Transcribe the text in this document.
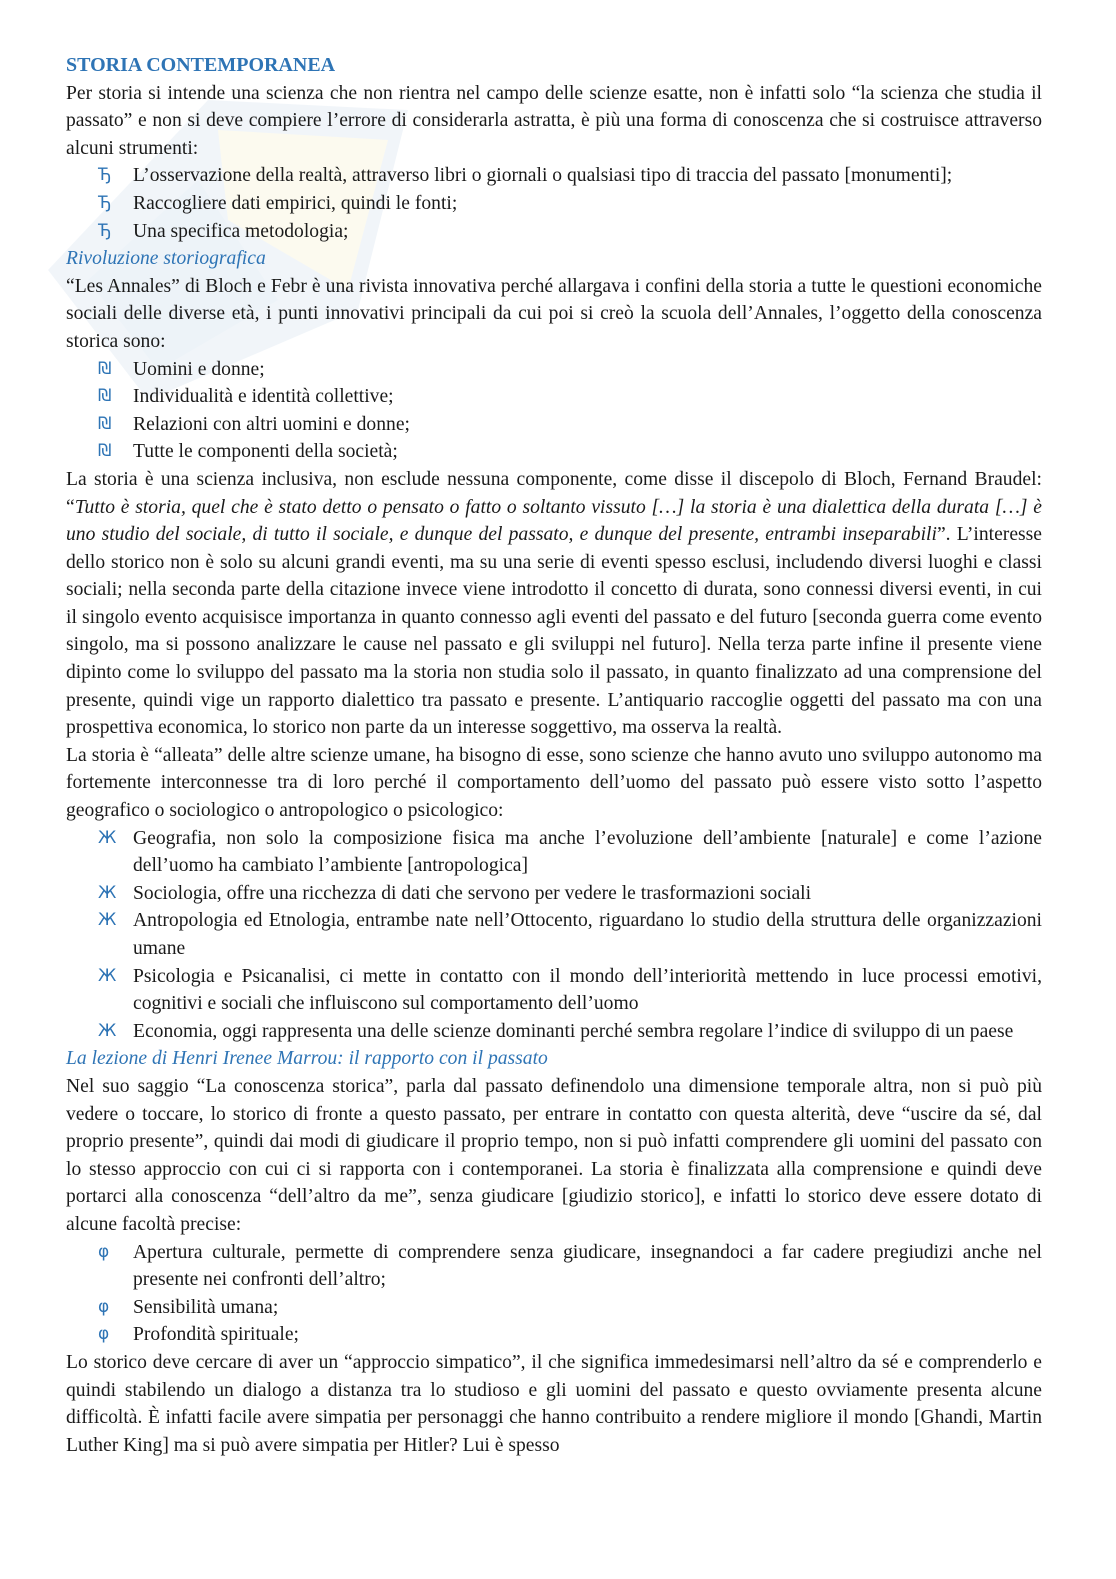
STORIA CONTEMPORANEA

Per storia si intende una scienza che non rientra nel campo delle scienze esatte, non è infatti solo “la scienza che studia il passato” e non si deve compiere l’errore di considerarla astratta, è più una forma di conoscenza che si costruisce attraverso alcuni strumenti:

Ђ L’osservazione della realtà, attraverso libri o giornali o qualsiasi tipo di traccia del passato [monumenti];
Ђ Raccogliere dati empirici, quindi le fonti;
Ђ Una specifica metodologia;
Rivoluzione storiografica

“Les Annales” di Bloch e Febr è una rivista innovativa perché allargava i confini della storia a tutte le questioni economiche sociali delle diverse età, i punti innovativi principali da cui poi si creò la scuola dell’Annales, l’oggetto della conoscenza storica sono:

₪ Uomini e donne;
₪ Individualità e identità collettive;
₪ Relazioni con altri uomini e donne;
₪ Tutte le componenti della società;

La storia è una scienza inclusiva, non esclude nessuna componente, come disse il discepolo di Bloch, Fernand Braudel: “Tutto è storia, quel che è stato detto o pensato o fatto o soltanto vissuto […] la storia è una dialettica della durata […] è uno studio del sociale, di tutto il sociale, e dunque del passato, e dunque del presente, entrambi inseparabili”. L’interesse dello storico non è solo su alcuni grandi eventi, ma su una serie di eventi spesso esclusi, includendo diversi luoghi e classi sociali; nella seconda parte della citazione invece viene introdotto il concetto di durata, sono connessi diversi eventi, in cui il singolo evento acquisisce importanza in quanto connesso agli eventi del passato e del futuro [seconda guerra come evento singolo, ma si possono analizzare le cause nel passato e gli sviluppi nel futuro]. Nella terza parte infine il presente viene dipinto come lo sviluppo del passato ma la storia non studia solo il passato, in quanto finalizzato ad una comprensione del presente, quindi vige un rapporto dialettico tra passato e presente. L’antiquario raccoglie oggetti del passato ma con una prospettiva economica, lo storico non parte da un interesse soggettivo, ma osserva la realtà.

La storia è “alleata” delle altre scienze umane, ha bisogno di esse, sono scienze che hanno avuto uno sviluppo autonomo ma fortemente interconnesse tra di loro perché il comportamento dell’uomo del passato può essere visto sotto l’aspetto geografico o sociologico o antropologico o psicologico:

Ж Geografia, non solo la composizione fisica ma anche l’evoluzione dell’ambiente [naturale] e come l’azione dell’uomo ha cambiato l’ambiente [antropologica]
Ж Sociologia, offre una ricchezza di dati che servono per vedere le trasformazioni sociali
Ж Antropologia ed Etnologia, entrambe nate nell’Ottocento, riguardano lo studio della struttura delle organizzazioni umane
Ж Psicologia e Psicanalisi, ci mette in contatto con il mondo dell’interiorità mettendo in luce processi emotivi, cognitivi e sociali che influiscono sul comportamento dell’uomo
Ж Economia, oggi rappresenta una delle scienze dominanti perché sembra regolare l’indice di sviluppo di un paese
La lezione di Henri Irenee Marrou: il rapporto con il passato

Nel suo saggio “La conoscenza storica”, parla dal passato definendolo una dimensione temporale altra, non si può più vedere o toccare, lo storico di fronte a questo passato, per entrare in contatto con questa alterità, deve “uscire da sé, dal proprio presente”, quindi dai modi di giudicare il proprio tempo, non si può infatti comprendere gli uomini del passato con lo stesso approccio con cui ci si rapporta con i contemporanei. La storia è finalizzata alla comprensione e quindi deve portarci alla conoscenza “dell’altro da me”, senza giudicare [giudizio storico], e infatti lo storico deve essere dotato di alcune facoltà precise:

φ Apertura culturale, permette di comprendere senza giudicare, insegnandoci a far cadere pregiudizi anche nel presente nei confronti dell’altro;
φ Sensibilità umana;
φ Profondità spirituale;

Lo storico deve cercare di aver un “approccio simpatico”, il che significa immedesimarsi nell’altro da sé e comprenderlo e quindi stabilendo un dialogo a distanza tra lo studioso e gli uomini del passato e questo ovviamente presenta alcune difficoltà. È infatti facile avere simpatia per personaggi che hanno contribuito a rendere migliore il mondo [Ghandi, Martin Luther King] ma si può avere simpatia per Hitler? Lui è spesso
